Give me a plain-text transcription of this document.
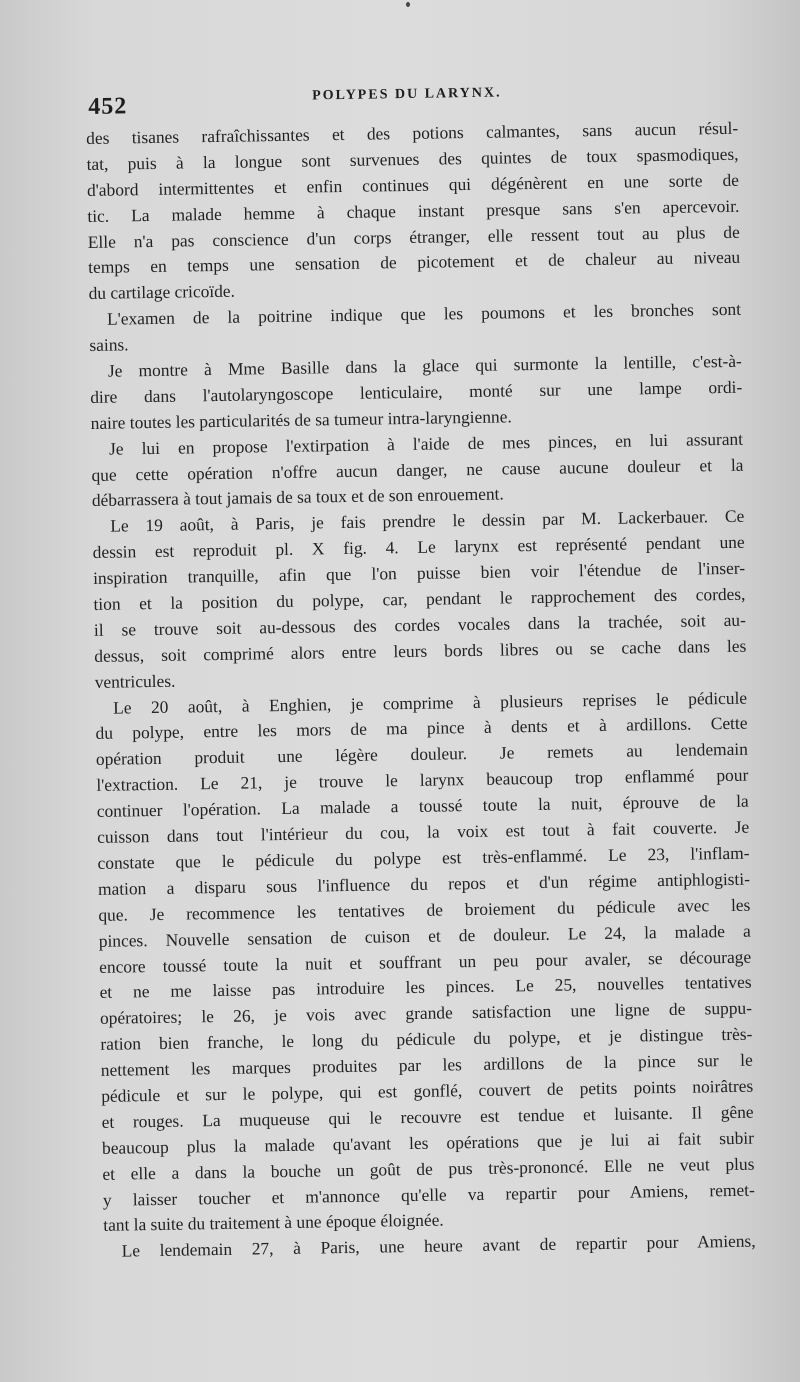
452	POLYPES DU LARYNX.
des tisanes rafraîchissantes et des potions calmantes, sans aucun résul-
tat, puis à la longue sont survenues des quintes de toux spasmodiques,
d'abord intermittentes et enfin continues qui dégénèrent en une sorte de
tic. La malade hemme à chaque instant presque sans s'en apercevoir.
Elle n'a pas conscience d'un corps étranger, elle ressent tout au plus de
temps en temps une sensation de picotement et de chaleur au niveau
du cartilage cricoïde.
L'examen de la poitrine indique que les poumons et les bronches sont
sains.
Je montre à Mme Basille dans la glace qui surmonte la lentille, c'est-à-
dire dans l'autolaryngoscope lenticulaire, monté sur une lampe ordi-
naire toutes les particularités de sa tumeur intra-laryngienne.
Je lui en propose l'extirpation à l'aide de mes pinces, en lui assurant
que cette opération n'offre aucun danger, ne cause aucune douleur et la
débarrassera à tout jamais de sa toux et de son enrouement.
Le 19 août, à Paris, je fais prendre le dessin par M. Lackerbauer. Ce
dessin est reproduit pl. X fig. 4. Le larynx est représenté pendant une
inspiration tranquille, afin que l'on puisse bien voir l'étendue de l'inser-
tion et la position du polype, car, pendant le rapprochement des cordes,
il se trouve soit au-dessous des cordes vocales dans la trachée, soit au-
dessus, soit comprimé alors entre leurs bords libres ou se cache dans les
ventricules.
Le 20 août, à Enghien, je comprime à plusieurs reprises le pédicule
du polype, entre les mors de ma pince à dents et à ardillons. Cette
opération produit une légère douleur. Je remets au lendemain
l'extraction. Le 21, je trouve le larynx beaucoup trop enflammé pour
continuer l'opération. La malade a toussé toute la nuit, éprouve de la
cuisson dans tout l'intérieur du cou, la voix est tout à fait couverte. Je
constate que le pédicule du polype est très-enflammé. Le 23, l'inflam-
mation a disparu sous l'influence du repos et d'un régime antiphlogisti-
que. Je recommence les tentatives de broiement du pédicule avec les
pinces. Nouvelle sensation de cuison et de douleur. Le 24, la malade a
encore toussé toute la nuit et souffrant un peu pour avaler, se décourage
et ne me laisse pas introduire les pinces. Le 25, nouvelles tentatives
opératoires; le 26, je vois avec grande satisfaction une ligne de suppu-
ration bien franche, le long du pédicule du polype, et je distingue très-
nettement les marques produites par les ardillons de la pince sur le
pédicule et sur le polype, qui est gonflé, couvert de petits points noirâtres
et rouges. La muqueuse qui le recouvre est tendue et luisante. Il gêne
beaucoup plus la malade qu'avant les opérations que je lui ai fait subir
et elle a dans la bouche un goût de pus très-prononcé. Elle ne veut plus
y laisser toucher et m'annonce qu'elle va repartir pour Amiens, remet-
tant la suite du traitement à une époque éloignée.
Le lendemain 27, à Paris, une heure avant de repartir pour Amiens,
